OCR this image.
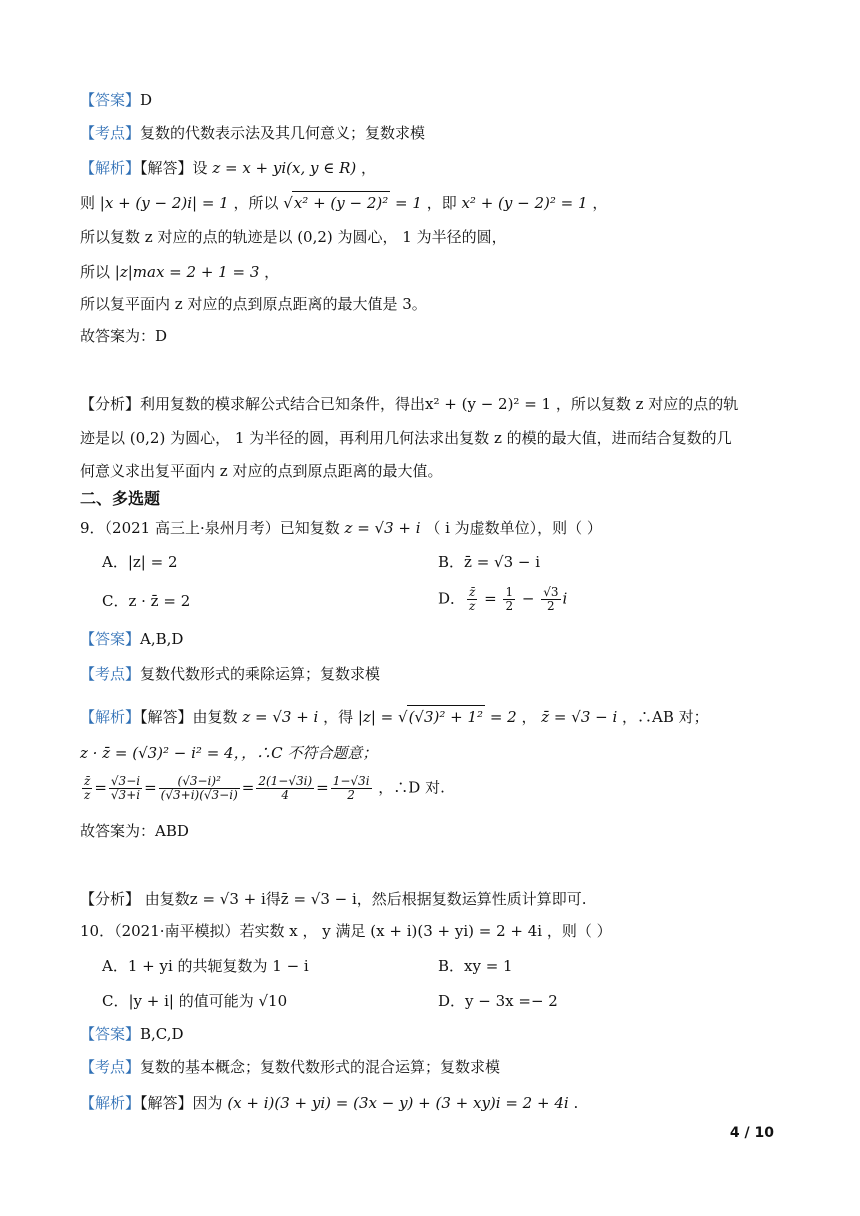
【答案】D
【考点】复数的代数表示法及其几何意义；复数求模
【解析】【解答】设 z = x + yi(x, y ∈ R) ，
则 |x + (y − 2)i| = 1 ，所以 √x² + (y − 2)² = 1 ，即 x² + (y − 2)² = 1 ，
所以复数 z 对应的点的轨迹是以 (0,2) 为圆心， 1 为半径的圆，
所以 |z|max = 2 + 1 = 3 ，
所以复平面内 z 对应的点到原点距离的最大值是 3。
故答案为：D
【分析】利用复数的模求解公式结合已知条件，得出x² + (y − 2)² = 1 ，所以复数 z 对应的点的轨
迹是以 (0,2) 为圆心， 1 为半径的圆，再利用几何法求出复数 z 的模的最大值，进而结合复数的几
何意义求出复平面内 z 对应的点到原点距离的最大值。
二、多选题
9．（2021 高三上·泉州月考）已知复数 z = √3 + i （ i 为虚数单位），则（ ）
A．|z| = 2	B．z̄ = √3 − i
C．z · z̄ = 2	D． $\frac{z̄}{z} = \frac{1}{2} - \frac{√3}{2}$ i
【答案】A,B,D
【考点】复数代数形式的乘除运算；复数求模
【解析】【解答】由复数 z = √3 + i ，得 |z| = √(√3)² + 1² = 2 ， z̄ = √3 − i ，∴AB 对；
z · z̄ = (√3)² − i² = 4，，∴C 不符合题意；
$\frac{z̄}{z} = \frac{√3-i}{√3+i} = \frac{\text{(√3−i)²}}{(√3+i)(√3-i)} = \frac{2(1-√3i)}{4} = \frac{1-√3i}{2}$ ，∴D 对.
故答案为：ABD
【分析】 由复数z = √3 + i得z̄ = √3 − i，然后根据复数运算性质计算即可.
10．（2021·南平模拟）若实数 x ， y 满足 (x + i)(3 + yi) = 2 + 4i ，则（ ）
A．1 + yi 的共轭复数为 1 − i	B．xy = 1
C．|y + i| 的值可能为 √10	D．y − 3x =− 2
【答案】B,C,D
【考点】复数的基本概念；复数代数形式的混合运算；复数求模
【解析】【解答】因为 (x + i)(3 + yi) = (3x − y) + (3 + xy)i = 2 + 4i .
4 / 10
